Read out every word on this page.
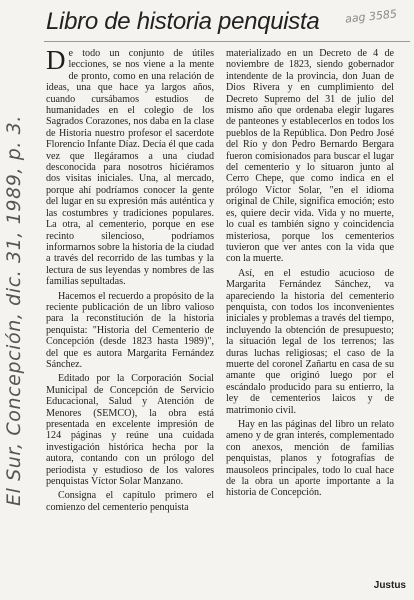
El Sur, Concepción, dic. 31, 1989, p. 3.
aag 3585
Libro de historia penquista

De todo un conjunto de útiles lecciones, se nos viene a la mente de pronto, como en una relación de ideas, una que hace ya largos años, cuando cursábamos estudios de humanidades en el colegio de los Sagrados Corazones, nos daba en la clase de Historia nuestro profesor el sacerdote Florencio Infante Díaz. Decía él que cada vez que llegáramos a una ciudad desconocida para nosotros hiciéramos dos visitas iniciales. Una, al mercado, porque ahí podríamos conocer la gente del lugar en su expresión más auténtica y las costumbres y tradiciones populares. La otra, al cementerio, porque en ese recinto silencioso, podríamos informarnos sobre la historia de la ciudad a través del recorrido de las tumbas y la lectura de sus leyendas y nombres de las familias sepultadas.

Hacemos el recuerdo a propósito de la reciente publicación de un libro valioso para la reconstitución de la historia penquista: "Historia del Cementerio de Concepción (desde 1823 hasta 1989)", del que es autora Margarita Fernández Sánchez.

Editado por la Corporación Social Municipal de Concepción de Servicio Educacional, Salud y Atención de Menores (SEMCO), la obra está presentada en excelente impresión de 124 páginas y reúne una cuidada investigación histórica hecha por la autora, contando con un prólogo del periodista y estudioso de los valores penquistas Víctor Solar Manzano.

Consigna el capítulo primero el comienzo del cementerio penquista

materializado en un Decreto de 4 de noviembre de 1823, siendo gobernador intendente de la provincia, don Juan de Dios Rivera y en cumplimiento del Decreto Supremo del 31 de julio del mismo año que ordenaba elegir lugares de panteones y establecerlos en todos los pueblos de la República. Don Pedro José del Río y don Pedro Bernardo Bergara fueron comisionados para buscar el lugar del cementerio y lo situaron junto al Cerro Chepe, que como indica en el prólogo Víctor Solar, "en el idioma original de Chile, significa emoción; esto es, quiere decir vida. Vida y no muerte, lo cual es también signo y coincidencia misteriosa, porque los cementerios tuvieron que ver antes con la vida que con la muerte.

Así, en el estudio acucioso de Margarita Fernández Sánchez, va apareciendo la historia del cementerio penquista, con todos los inconvenientes iniciales y problemas a través del tiempo, incluyendo la obtención de presupuesto; la situación legal de los terrenos; las duras luchas religiosas; el caso de la muerte del coronel Zañartu en casa de su amante que originó luego por el escándalo producido para su entierro, la ley de cementerios laicos y de matrimonio civil.

Hay en las páginas del libro un relato ameno y de gran interés, complementado con anexos, mención de familias penquistas, planos y fotografías de mausoleos principales, todo lo cual hace de la obra un aporte importante a la historia de Concepción.

Justus
